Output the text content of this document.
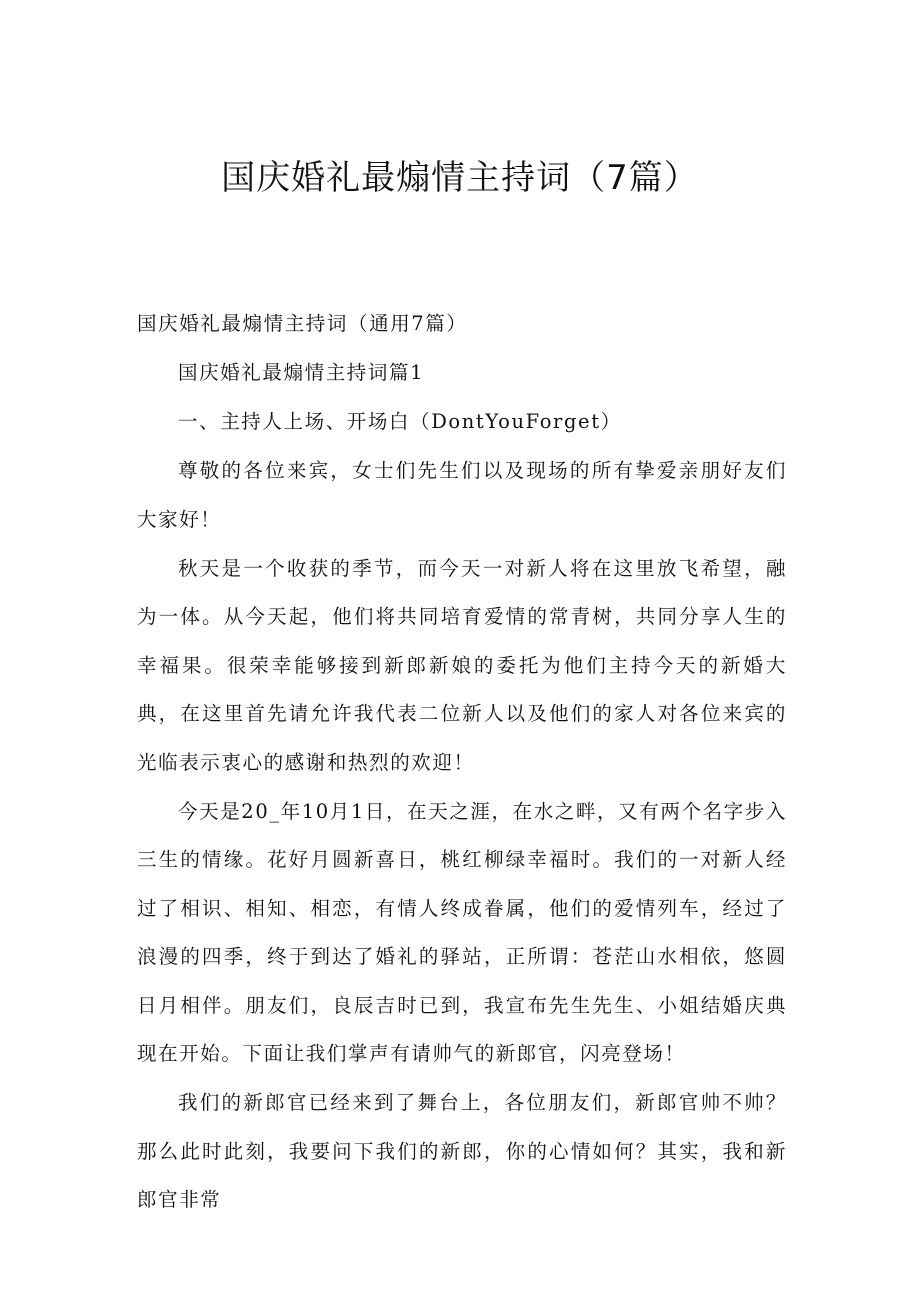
国庆婚礼最煽情主持词（7篇）

国庆婚礼最煽情主持词（通用7篇）

国庆婚礼最煽情主持词篇1

一、主持人上场、开场白（DontYouForget）

尊敬的各位来宾，女士们先生们以及现场的所有挚爱亲朋好友们大家好！

秋天是一个收获的季节，而今天一对新人将在这里放飞希望，融为一体。从今天起，他们将共同培育爱情的常青树，共同分享人生的幸福果。很荣幸能够接到新郎新娘的委托为他们主持今天的新婚大典，在这里首先请允许我代表二位新人以及他们的家人对各位来宾的光临表示衷心的感谢和热烈的欢迎！

今天是20_年10月1日，在天之涯，在水之畔，又有两个名字步入三生的情缘。花好月圆新喜日，桃红柳绿幸福时。我们的一对新人经过了相识、相知、相恋，有情人终成眷属，他们的爱情列车，经过了浪漫的四季，终于到达了婚礼的驿站，正所谓：苍茫山水相依，悠圆日月相伴。朋友们，良辰吉时已到，我宣布先生先生、小姐结婚庆典现在开始。下面让我们掌声有请帅气的新郎官，闪亮登场！

我们的新郎官已经来到了舞台上，各位朋友们，新郎官帅不帅？那么此时此刻，我要问下我们的新郎，你的心情如何？其实，我和新郎官非常
